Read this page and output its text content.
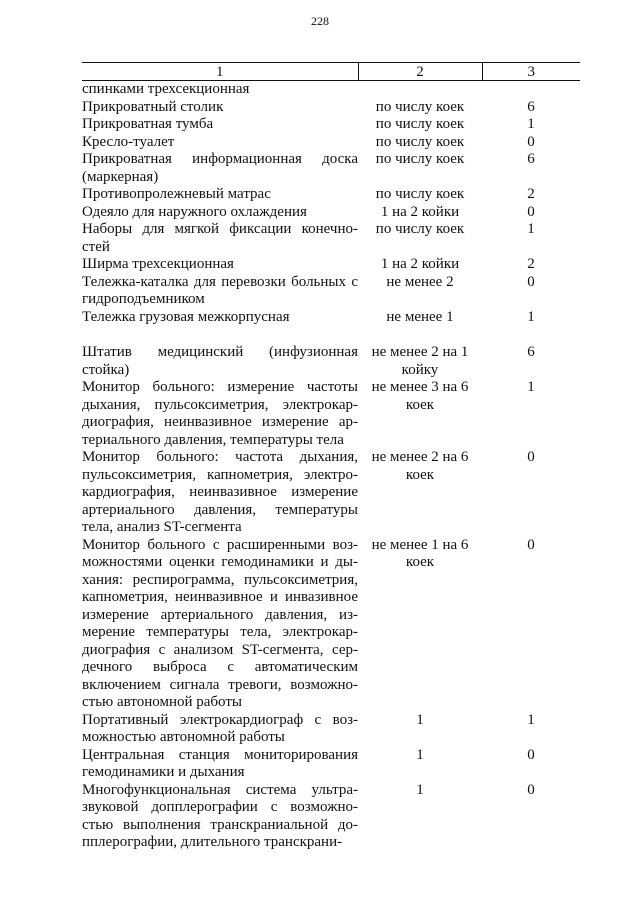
228
1	2	3
спинками трехсекционная		
Прикроватный столик	по числу коек	6
Прикроватная тумба	по числу коек	1
Кресло-туалет	по числу коек	0
Прикроватная информационная доска (маркерная)	по числу коек	6
Противопролежневый матрас	по числу коек	2
Одеяло для наружного охлаждения	1 на 2 койки	0
Наборы для мягкой фиксации конечно-стей	по числу коек	1
Ширма трехсекционная	1 на 2 койки	2
Тележка-каталка для перевозки больных с гидроподъемником	не менее 2	0
Тележка грузовая межкорпусная	не менее 1	1

Штатив медицинский (инфузионная стойка)	не менее 2 на 1 койку	6
Монитор больного: измерение частоты дыхания, пульсоксиметрия, электрокар-диография, неинвазивное измерение ар-териального давления, температуры тела	не менее 3 на 6 коек	1
Монитор больного: частота дыхания, пульсоксиметрия, капнометрия, электро-кардиография, неинвазивное измерение артериального давления, температуры тела, анализ ST-сегмента	не менее 2 на 6 коек	0
Монитор больного с расширенными воз-можностями оценки гемодинамики и ды-хания: респирограмма, пульсоксиметрия, капнометрия, неинвазивное и инвазивное измерение артериального давления, из-мерение температуры тела, электрокар-диография с анализом ST-сегмента, сер-дечного выброса с автоматическим включением сигнала тревоги, возможно-стью автономной работы	не менее 1 на 6 коек	0
Портативный электрокардиограф с воз-можностью автономной работы	1	1
Центральная станция мониторирования гемодинамики и дыхания	1	0
Многофункциональная система ультра-звуковой допплерографии с возможно-стью выполнения транскраниальной до-пплерографии, длительного транскрани-	1	0
